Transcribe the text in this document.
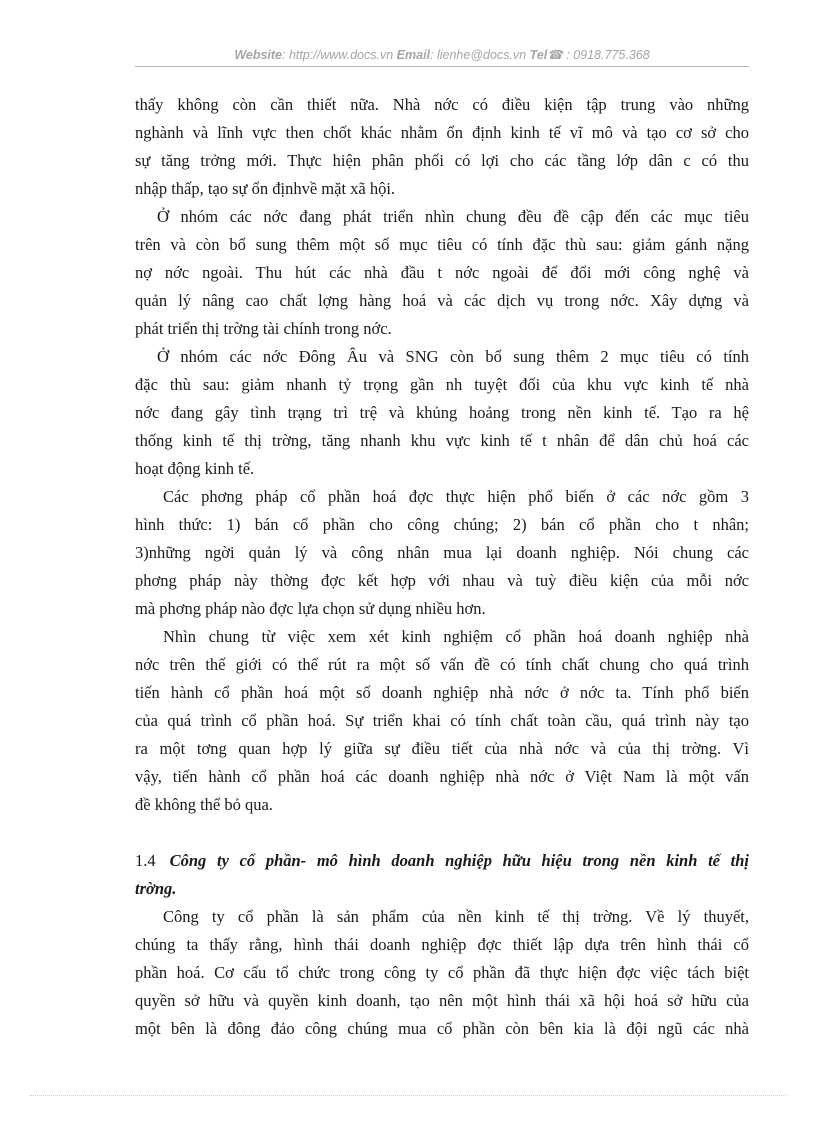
Website: http://www.docs.vn Email: lienhe@docs.vn Tel☎ : 0918.775.368

thấy không còn cần thiết nữa. Nhà nớc có điều kiện tập trung vào những

nghành và lĩnh vực then chốt khác nhằm ổn định kinh tế vĩ mô và tạo cơ sở cho

sự tăng trởng mới. Thực hiện phân phối có lợi cho các tầng lớp dân c có thu

nhập thấp, tạo sự ổn địnhvề mặt xã hội.

Ở nhóm các nớc đang phát triển nhìn chung đều đề cập đến các mục tiêu

trên và còn bổ sung thêm một số mục tiêu có tính đặc thù sau: giảm gánh nặng

nợ nớc ngoài. Thu hút các nhà đầu t nớc ngoài để đổi mới công nghệ và

quản lý nâng cao chất lợng hàng hoá và các dịch vụ trong nớc. Xây dựng và

phát triển thị trờng tài chính trong nớc.

Ở nhóm các nớc Đông Âu và SNG còn bổ sung thêm 2 mục tiêu có tính

đặc thù sau: giảm nhanh tỷ trọng gần nh tuyệt đối của khu vực kinh tế nhà

nớc đang gây tình trạng trì trệ và khủng hoảng trong nền kinh tế. Tạo ra hệ

thống kinh tế thị trờng, tăng nhanh khu vực kinh tế t nhân để dân chủ hoá các

hoạt động kinh tế.

Các phơng pháp cổ phần hoá đợc thực hiện phổ biến ở các nớc gồm 3

hình thức: 1) bán cổ phần cho công chúng; 2) bán cổ phần cho t nhân;

3)những ngời quản lý và công nhân mua lại doanh nghiệp. Nói chung các

phơng pháp này thờng đợc kết hợp với nhau và tuỳ điều kiện của mỗi nớc

mà phơng pháp nào đợc lựa chọn sử dụng nhiều hơn.

Nhìn chung từ việc xem xét kinh nghiệm cổ phần hoá doanh nghiệp nhà

nớc trên thế giới có thể rút ra một số vấn đề có tính chất chung cho quá trình

tiến hành cổ phần hoá một số doanh nghiệp nhà nớc ở nớc ta. Tính phổ biến

của quá trình cổ phần hoá. Sự triển khai có tính chất toàn cầu, quá trình này tạo

ra một tơng quan hợp lý giữa sự điều tiết của nhà nớc và của thị trờng. Vì

vậy, tiến hành cổ phần hoá các doanh nghiệp nhà nớc ở Việt Nam là một vấn

đề không thể bỏ qua.

1.4 Công ty cổ phần- mô hình doanh nghiệp hữu hiệu trong nền kinh tế thị

trờng.

Công ty cổ phần là sản phẩm của nền kinh tế thị trờng. Về lý thuyết,

chúng ta thấy rằng, hình thái doanh nghiệp đợc thiết lập dựa trên hình thái cổ

phần hoá. Cơ cấu tổ chức trong công ty cổ phần đã thực hiện đợc việc tách biệt

quyền sở hữu và quyền kinh doanh, tạo nên một hình thái xã hội hoá sở hữu của

một bên là đông đảo công chúng mua cổ phần còn bên kia là đội ngũ các nhà
